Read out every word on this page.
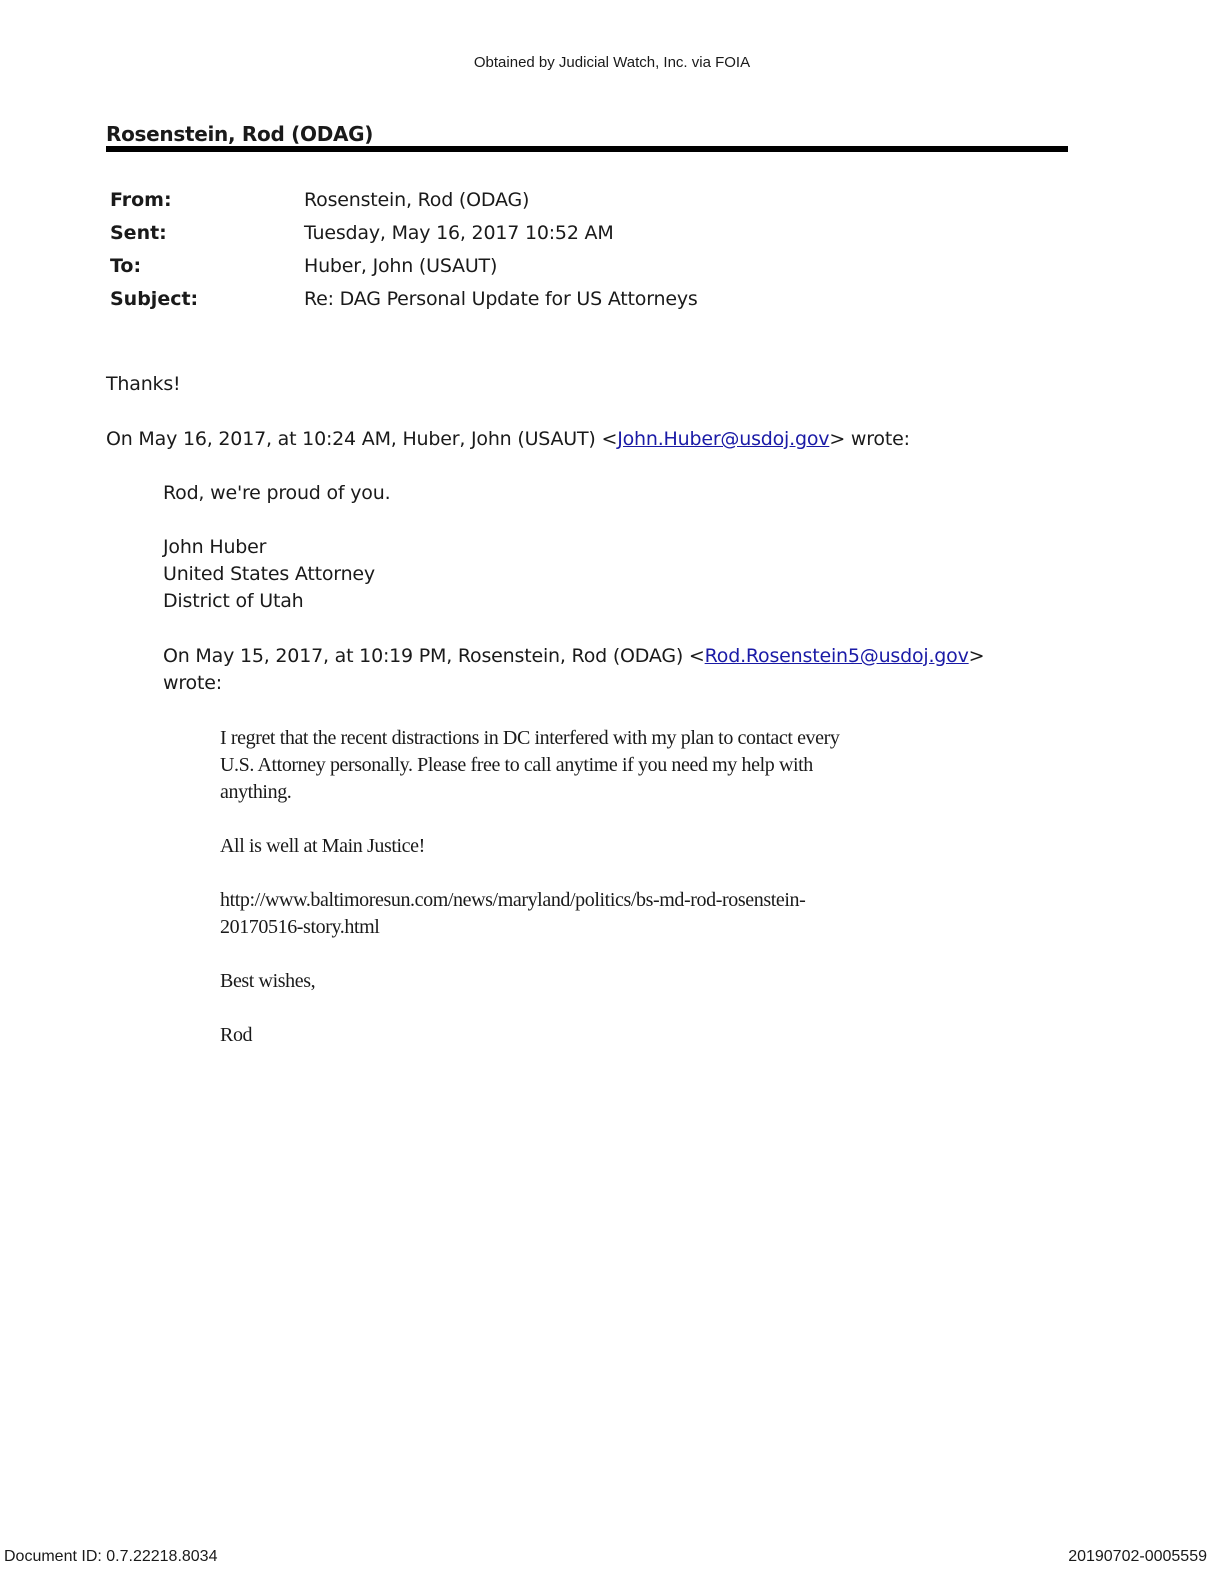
Obtained by Judicial Watch, Inc. via FOIA
Rosenstein, Rod (ODAG)
From:	Rosenstein, Rod (ODAG)
Sent:	Tuesday, May 16, 2017 10:52 AM
To:	Huber, John (USAUT)
Subject:	Re: DAG Personal Update for US Attorneys
Thanks!
On May 16, 2017, at 10:24 AM, Huber, John (USAUT) <John.Huber@usdoj.gov> wrote:
Rod, we're proud of you.
John Huber
United States Attorney
District of Utah
On May 15, 2017, at 10:19 PM, Rosenstein, Rod (ODAG) <Rod.Rosenstein5@usdoj.gov>
wrote:
I regret that the recent distractions in DC interfered with my plan to contact every
U.S. Attorney personally. Please free to call anytime if you need my help with
anything.
All is well at Main Justice!
http://www.baltimoresun.com/news/maryland/politics/bs-md-rod-rosenstein-
20170516-story.html
Best wishes,
Rod
Document ID: 0.7.22218.8034	20190702-0005559
